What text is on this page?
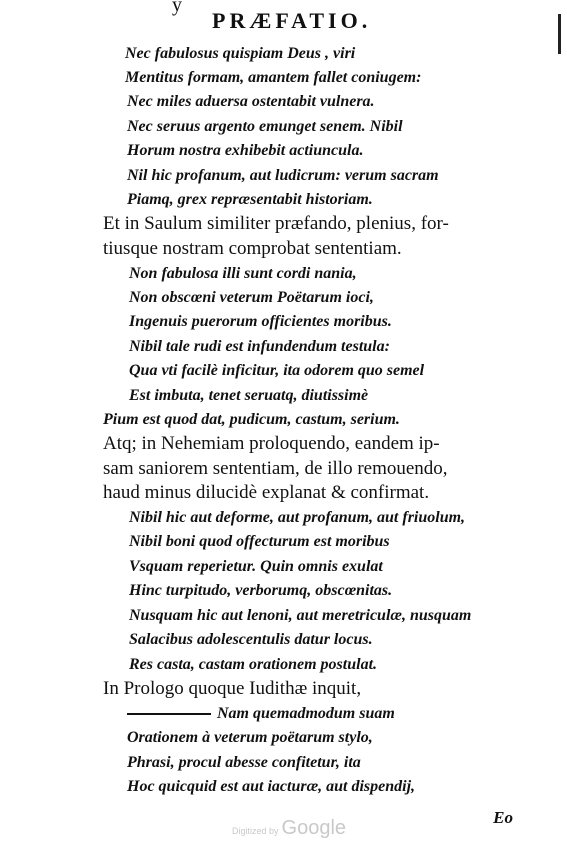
y
PRÆFATIO.
Nec fabulosus quispiam Deus , viri
Mentitus formam, amantem fallet coniugem:
Nec miles aduersa ostentabit vulnera.
Nec seruus argento emunget senem. Nibil
Horum nostra exhibebit actiuncula.
Nil hic profanum, aut ludicrum: verum sacram
Piamq, grex repræsentabit historiam.
Et in Saulum similiter præfando, plenius, for-
tiusque nostram comprobat sententiam.
Non fabulosa illi sunt cordi nania,
Non obscœni veterum Poëtarum ioci,
Ingenuis puerorum officientes moribus.
Nibil tale rudi est infundendum testula:
Qua vti facilè inficitur, ita odorem quo semel
Est imbuta, tenet seruatq, diutissimè
Pium est quod dat, pudicum, castum, serium.
Atq; in Nehemiam proloquendo, eandem ip-
sam saniorem sententiam, de illo remouendo,
haud minus dilucidè explanat & confirmat.
Nibil hic aut deforme, aut profanum, aut friuolum,
Nibil boni quod offecturum est moribus
Vsquam reperietur. Quin omnis exulat
Hinc turpitudo, verborumq, obscœnitas.
Nusquam hic aut lenoni, aut meretriculæ, nusquam
Salacibus adolescentulis datur locus.
Res casta, castam orationem postulat.
In Prologo quoque Iudithæ inquit,
Nam quemadmodum suam
Orationem à veterum poëtarum stylo,
Phrasi, procul abesse confitetur, ita
Hoc quicquid est aut iacturæ, aut dispendij,
Eo
Digitized by Google
